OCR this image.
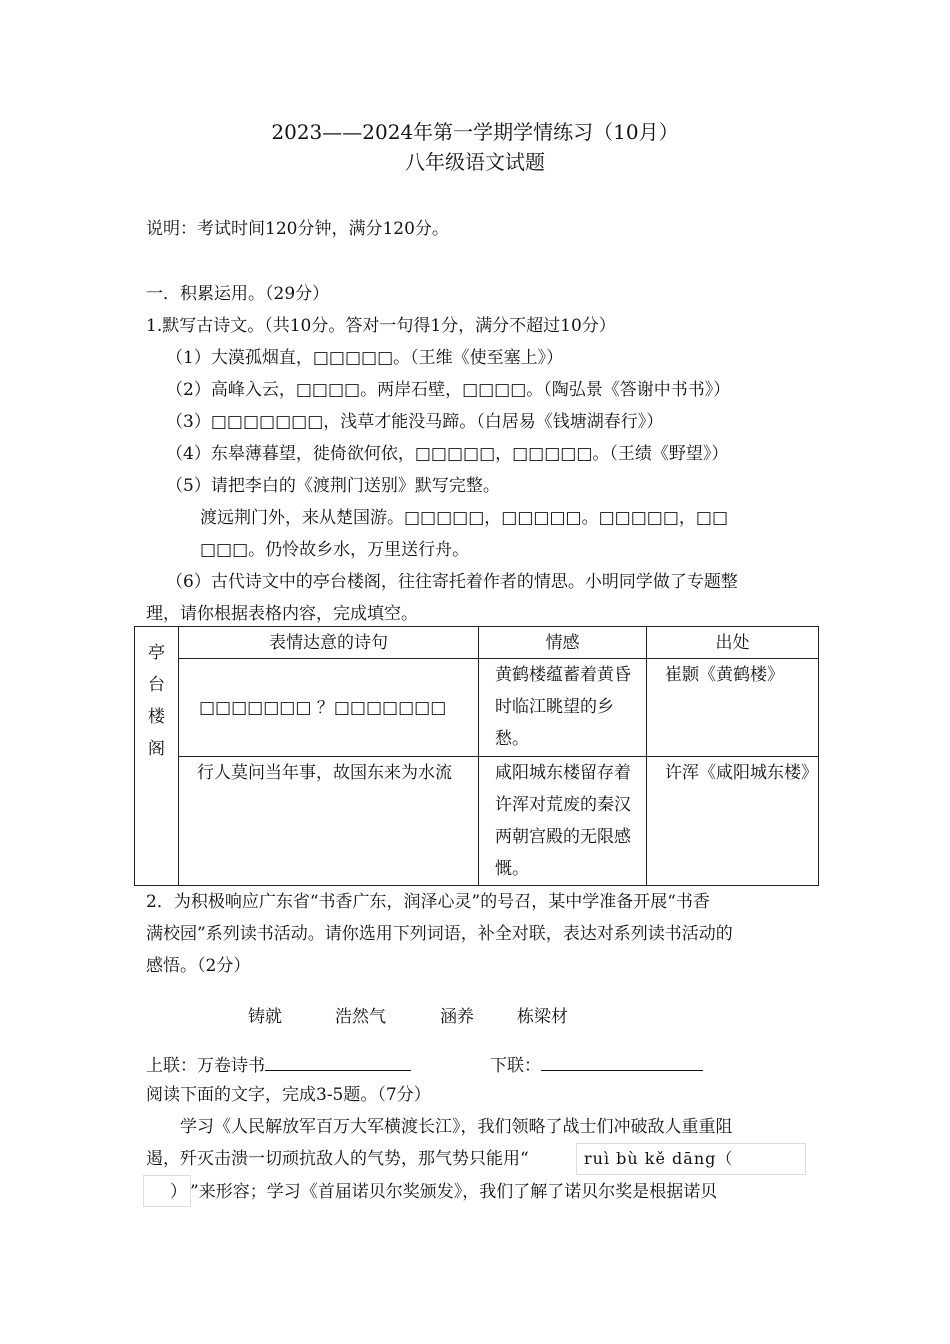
2023——2024年第一学期学情练习（10月）
八年级语文试题
说明：考试时间120分钟，满分120分。
一．积累运用。（29分）
1.默写古诗文。（共10分。答对一句得1分，满分不超过10分）
（1）大漠孤烟直，□□□□□。（王维《使至塞上》）
（2）高峰入云，□□□□。两岸石壁，□□□□。（陶弘景《答谢中书书》）
（3）□□□□□□□，浅草才能没马蹄。（白居易《钱塘湖春行》）
（4）东皋薄暮望，徙倚欲何依，□□□□□，□□□□□。（王绩《野望》）
（5）请把李白的《渡荆门送别》默写完整。
渡远荆门外，来从楚国游。□□□□□，□□□□□。□□□□□，□□
□□□。仍怜故乡水，万里送行舟。
（6）古代诗文中的亭台楼阁，往往寄托着作者的情思。小明同学做了专题整
理，请你根据表格内容，完成填空。
亭
台
楼
阁	表情达意的诗句	情感	出处
	□□□□□□□ ？□□□□□□□	黄鹤楼蕴蓄着黄昏时临江眺望的乡愁。	崔颢《黄鹤楼》
	行人莫问当年事，故国东来为水流	咸阳城东楼留存着许浑对荒废的秦汉两朝宫殿的无限感慨。	许浑《咸阳城东楼》
2．为积极响应广东省“书香广东，润泽心灵”的号召，某中学准备开展“书香
满校园”系列读书活动。请你选用下列词语，补全对联，表达对系列读书活动的
感悟。（2分）
铸就	浩然气	涵养	栋梁材
上联：万卷诗书	下联：
阅读下面的文字，完成3-5题。（7分）
学习《人民解放军百万大军横渡长江》，我们领略了战士们冲破敌人重重阻
遏，歼灭击溃一切顽抗敌人的气势，那气势只能用“	ruì bù kě dāng（
） ”来形容；学习《首届诺贝尔奖颁发》，我们了解了诺贝尔奖是根据诺贝
